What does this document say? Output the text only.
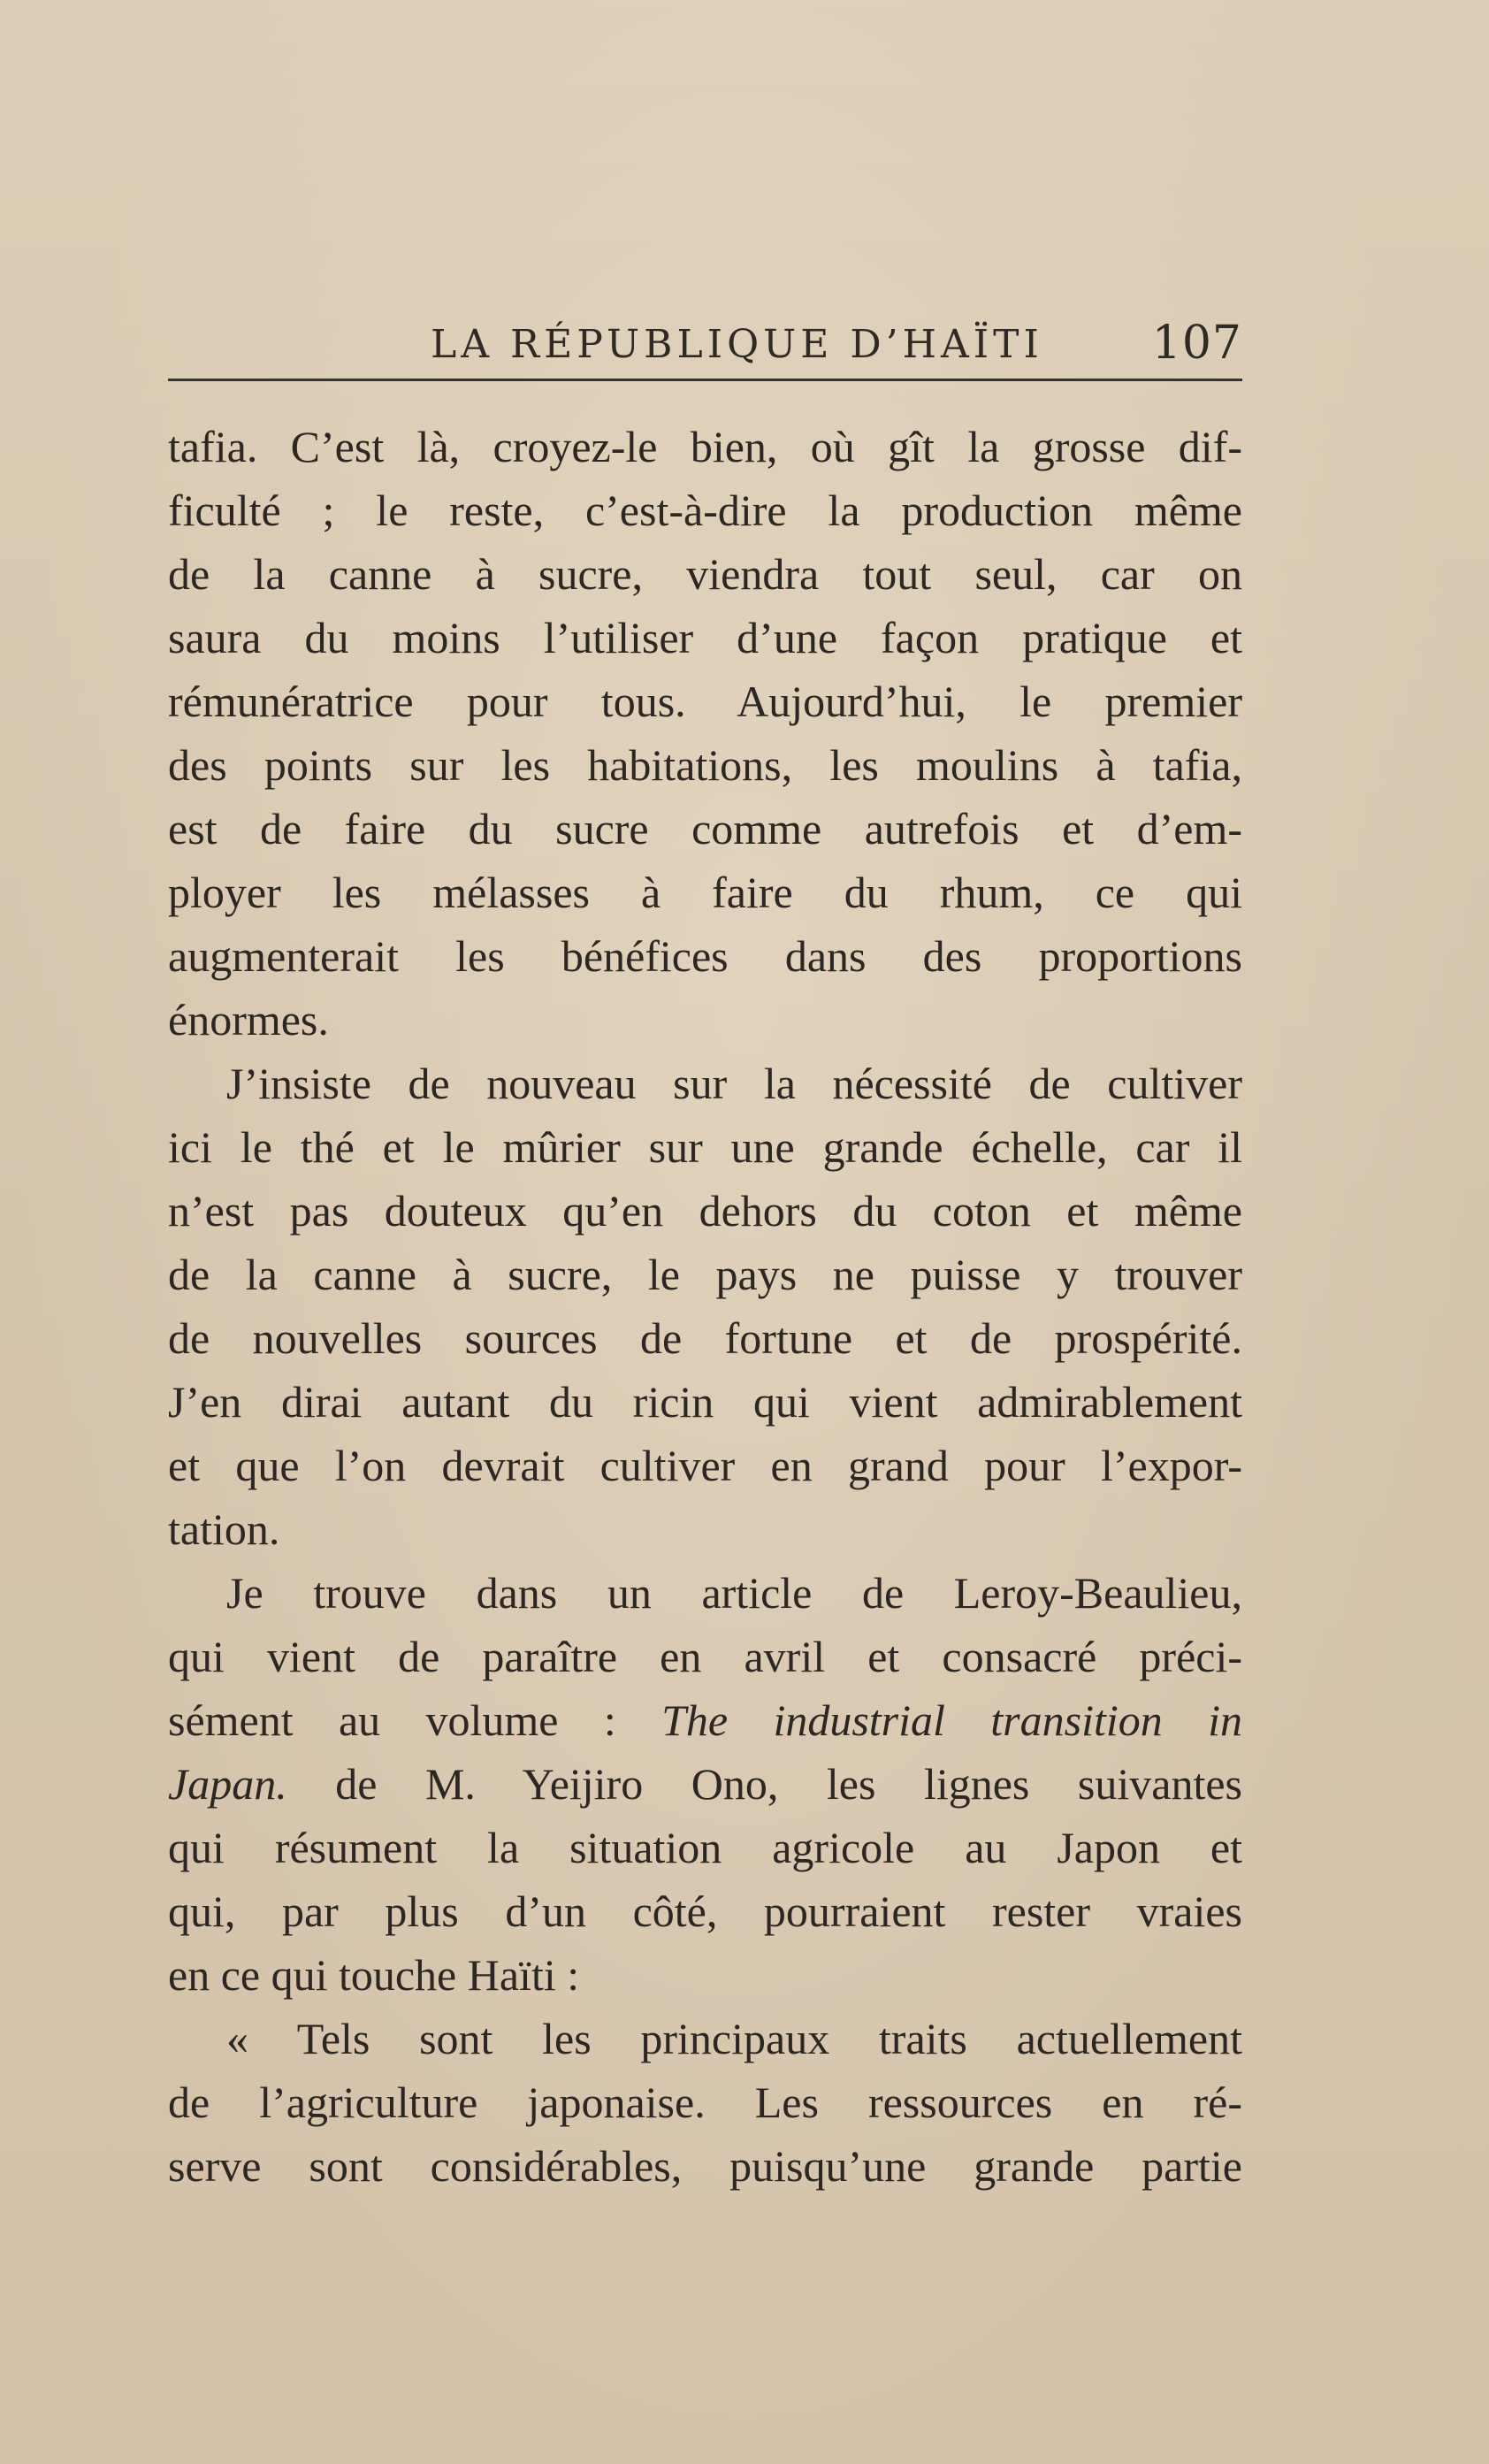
LA RÉPUBLIQUE D’HAÏTI 107
tafia. C’est là, croyez-le bien, où gît la grosse dif-
ficulté ; le reste, c’est-à-dire la production même
de la canne à sucre, viendra tout seul, car on
saura du moins l’utiliser d’une façon pratique et
rémunératrice pour tous. Aujourd’hui, le premier
des points sur les habitations, les moulins à tafia,
est de faire du sucre comme autrefois et d’em-
ployer les mélasses à faire du rhum, ce qui
augmenterait les bénéfices dans des proportions
énormes.
J’insiste de nouveau sur la nécessité de cultiver
ici le thé et le mûrier sur une grande échelle, car il
n’est pas douteux qu’en dehors du coton et même
de la canne à sucre, le pays ne puisse y trouver
de nouvelles sources de fortune et de prospérité.
J’en dirai autant du ricin qui vient admirablement
et que l’on devrait cultiver en grand pour l’expor-
tation.
Je trouve dans un article de Leroy-Beaulieu,
qui vient de paraître en avril et consacré préci-
sément au volume : The industrial transition in
Japan. de M. Yeijiro Ono, les lignes suivantes
qui résument la situation agricole au Japon et
qui, par plus d’un côté, pourraient rester vraies
en ce qui touche Haïti :
« Tels sont les principaux traits actuellement
de l’agriculture japonaise. Les ressources en ré-
serve sont considérables, puisqu’une grande partie
